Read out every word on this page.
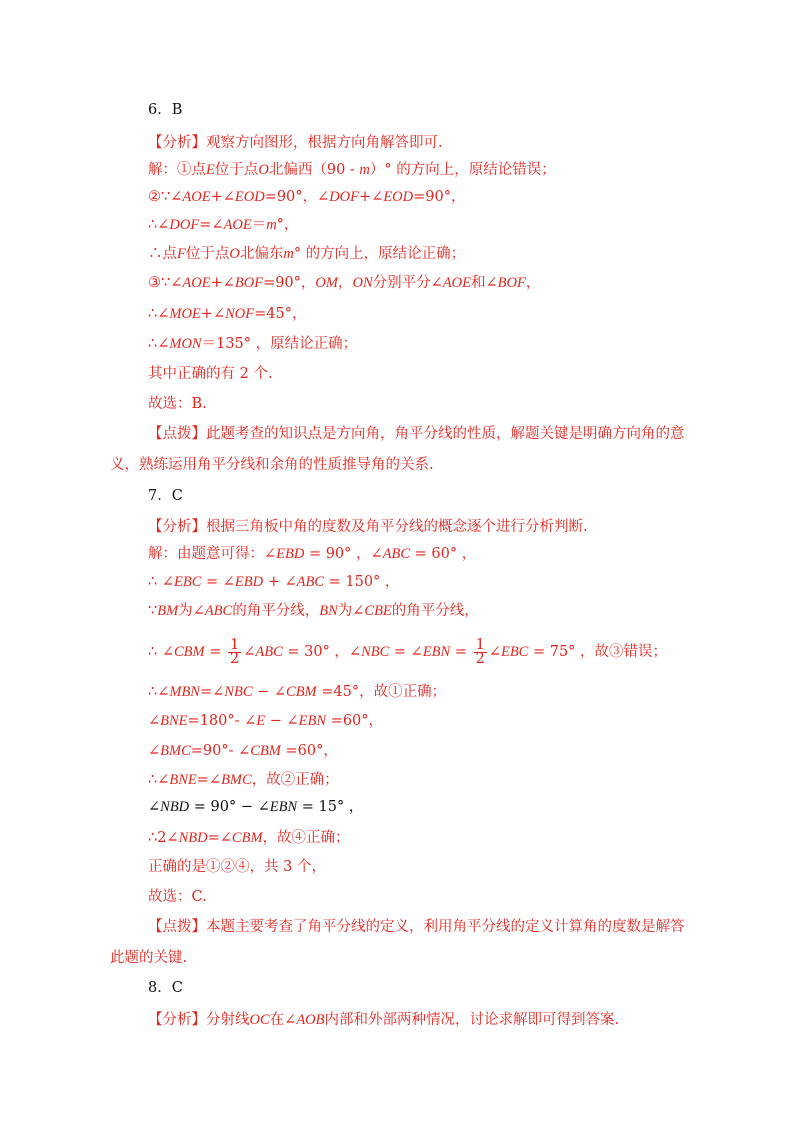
6．B
【分析】观察方向图形，根据方向角解答即可.
解：①点E位于点O北偏西（90 - m）° 的方向上，原结论错误；
②∵∠AOE+∠EOD=90°，∠DOF+∠EOD=90°，
∴∠DOF=∠AOE＝m°，
∴点F位于点O北偏东m° 的方向上，原结论正确；
③∵∠AOE+∠BOF=90°，OM，ON分别平分∠AOE和∠BOF，
∴∠MOE+∠NOF=45°，
∴∠MON＝135° ，原结论正确；
其中正确的有 2 个.
故选：B.
【点拨】此题考查的知识点是方向角，角平分线的性质，解题关键是明确方向角的意
义，熟练运用角平分线和余角的性质推导角的关系.
7．C
【分析】根据三角板中角的度数及角平分线的概念逐个进行分析判断.
解：由题意可得：∠EBD = 90° ，∠ABC = 60° ，
∴ ∠EBC = ∠EBD + ∠ABC = 150° ，
∵BM为∠ABC的角平分线，BN为∠CBE的角平分线，
∴ ∠CBM = $\frac{1}{2}$ ∠ABC = 30° ，∠NBC = ∠EBN = $\frac{1}{2}$ ∠EBC = 75° ，故③错误；
∴∠MBN=∠NBC − ∠CBM =45°，故①正确；
∠BNE=180°- ∠E − ∠EBN =60°，
∠BMC=90°- ∠CBM =60°，
∴∠BNE=∠BMC，故②正确；
∠NBD = 90° − ∠EBN = 15° ，
∴2∠NBD=∠CBM，故④正确；
正确的是①②④，共 3 个，
故选：C.
【点拨】本题主要考查了角平分线的定义，利用角平分线的定义计算角的度数是解答
此题的关键.
8．C
【分析】分射线OC在∠AOB内部和外部两种情况，讨论求解即可得到答案.
